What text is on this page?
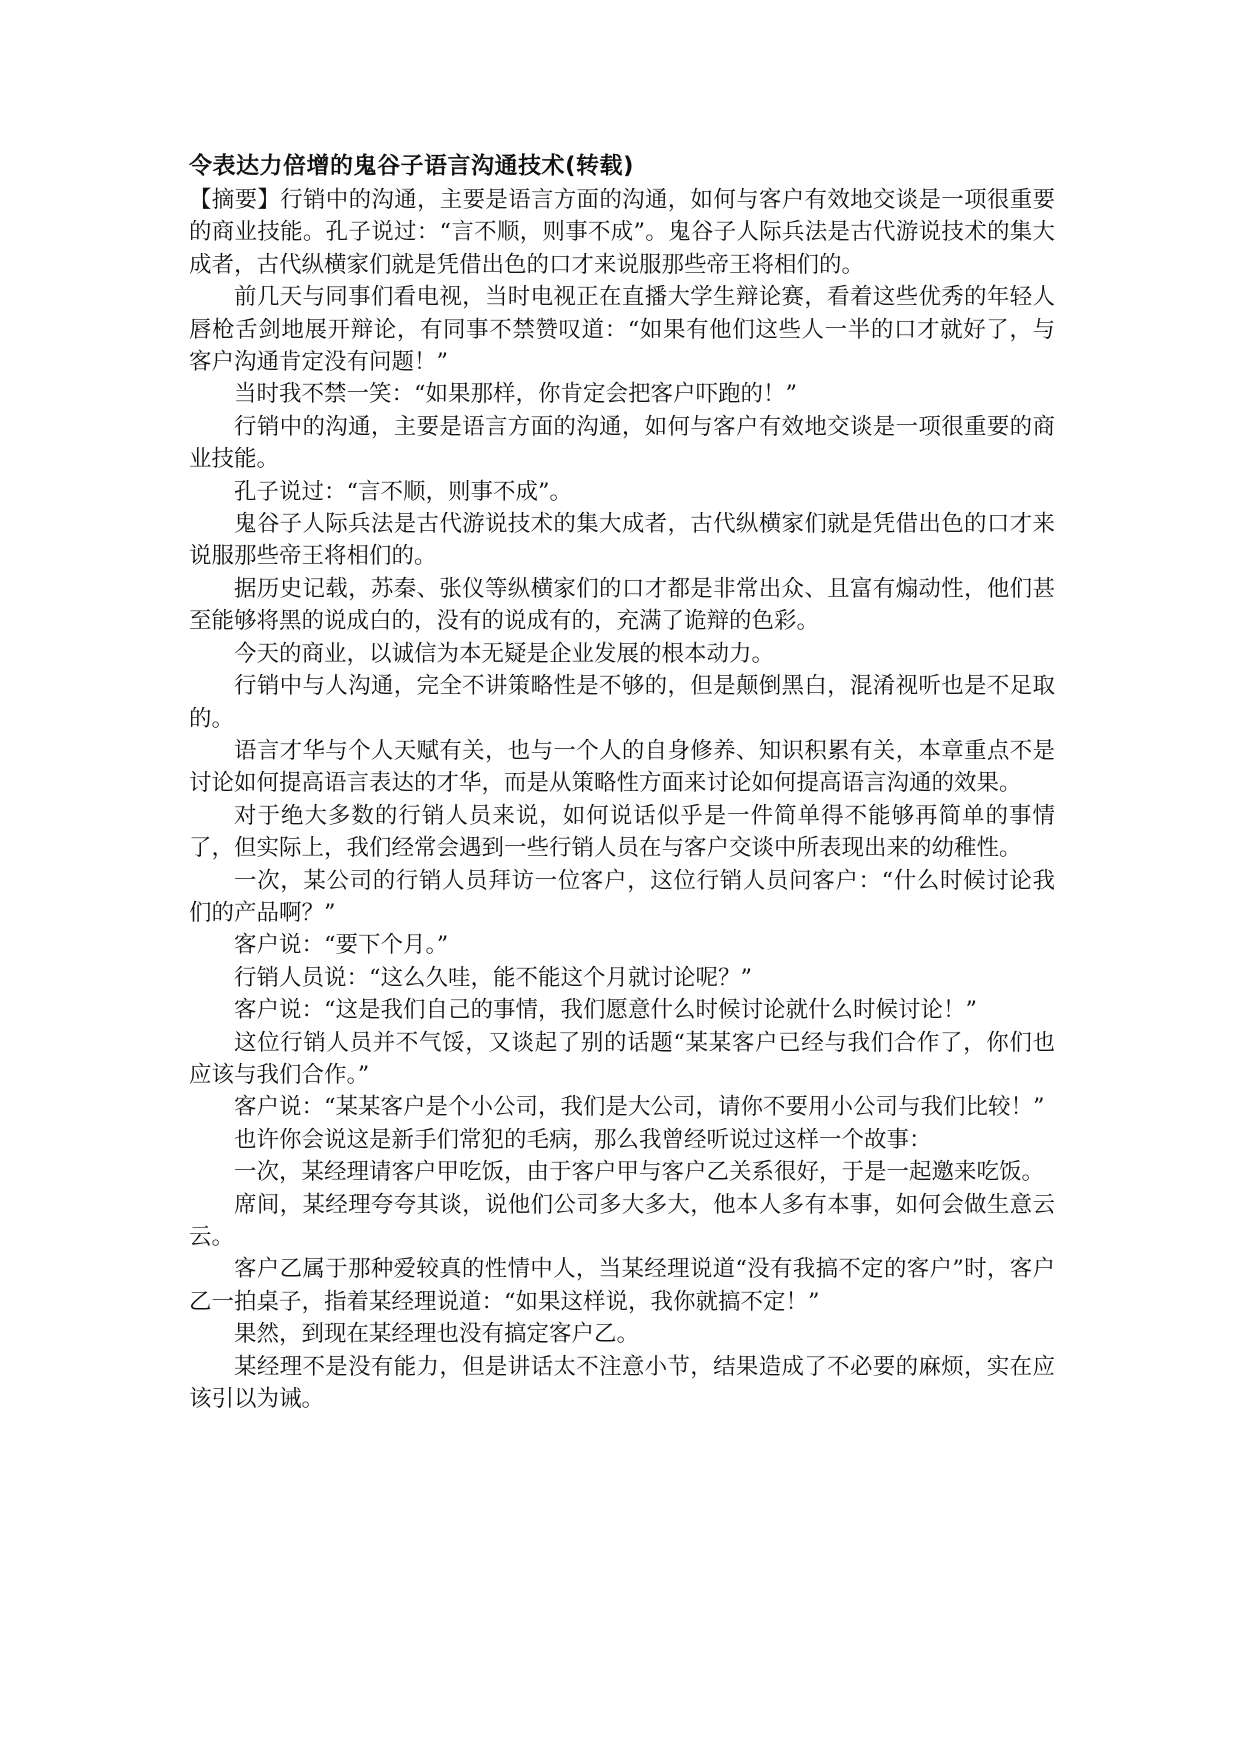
令表达力倍增的鬼谷子语言沟通技术(转载)

【摘要】行销中的沟通，主要是语言方面的沟通，如何与客户有效地交谈是一项很重要的商业技能。孔子说过：“言不顺，则事不成”。鬼谷子人际兵法是古代游说技术的集大成者，古代纵横家们就是凭借出色的口才来说服那些帝王将相们的。

前几天与同事们看电视，当时电视正在直播大学生辩论赛，看着这些优秀的年轻人唇枪舌剑地展开辩论，有同事不禁赞叹道：“如果有他们这些人一半的口才就好了，与客户沟通肯定没有问题！”

当时我不禁一笑：“如果那样，你肯定会把客户吓跑的！”

行销中的沟通，主要是语言方面的沟通，如何与客户有效地交谈是一项很重要的商业技能。

孔子说过：“言不顺，则事不成”。

鬼谷子人际兵法是古代游说技术的集大成者，古代纵横家们就是凭借出色的口才来说服那些帝王将相们的。

据历史记载，苏秦、张仪等纵横家们的口才都是非常出众、且富有煽动性，他们甚至能够将黑的说成白的，没有的说成有的，充满了诡辩的色彩。

今天的商业，以诚信为本无疑是企业发展的根本动力。

行销中与人沟通，完全不讲策略性是不够的，但是颠倒黑白，混淆视听也是不足取的。

语言才华与个人天赋有关，也与一个人的自身修养、知识积累有关，本章重点不是讨论如何提高语言表达的才华，而是从策略性方面来讨论如何提高语言沟通的效果。

对于绝大多数的行销人员来说，如何说话似乎是一件简单得不能够再简单的事情了，但实际上，我们经常会遇到一些行销人员在与客户交谈中所表现出来的幼稚性。

一次，某公司的行销人员拜访一位客户，这位行销人员问客户：“什么时候讨论我们的产品啊？”

客户说：“要下个月。”

行销人员说：“这么久哇，能不能这个月就讨论呢？”

客户说：“这是我们自己的事情，我们愿意什么时候讨论就什么时候讨论！”

这位行销人员并不气馁，又谈起了别的话题“某某客户已经与我们合作了，你们也应该与我们合作。”

客户说：“某某客户是个小公司，我们是大公司，请你不要用小公司与我们比较！”

也许你会说这是新手们常犯的毛病，那么我曾经听说过这样一个故事：

一次，某经理请客户甲吃饭，由于客户甲与客户乙关系很好，于是一起邀来吃饭。

席间，某经理夸夸其谈，说他们公司多大多大，他本人多有本事，如何会做生意云云。

客户乙属于那种爱较真的性情中人，当某经理说道“没有我搞不定的客户”时，客户乙一拍桌子，指着某经理说道：“如果这样说，我你就搞不定！”

果然，到现在某经理也没有搞定客户乙。

某经理不是没有能力，但是讲话太不注意小节，结果造成了不必要的麻烦，实在应该引以为诫。
